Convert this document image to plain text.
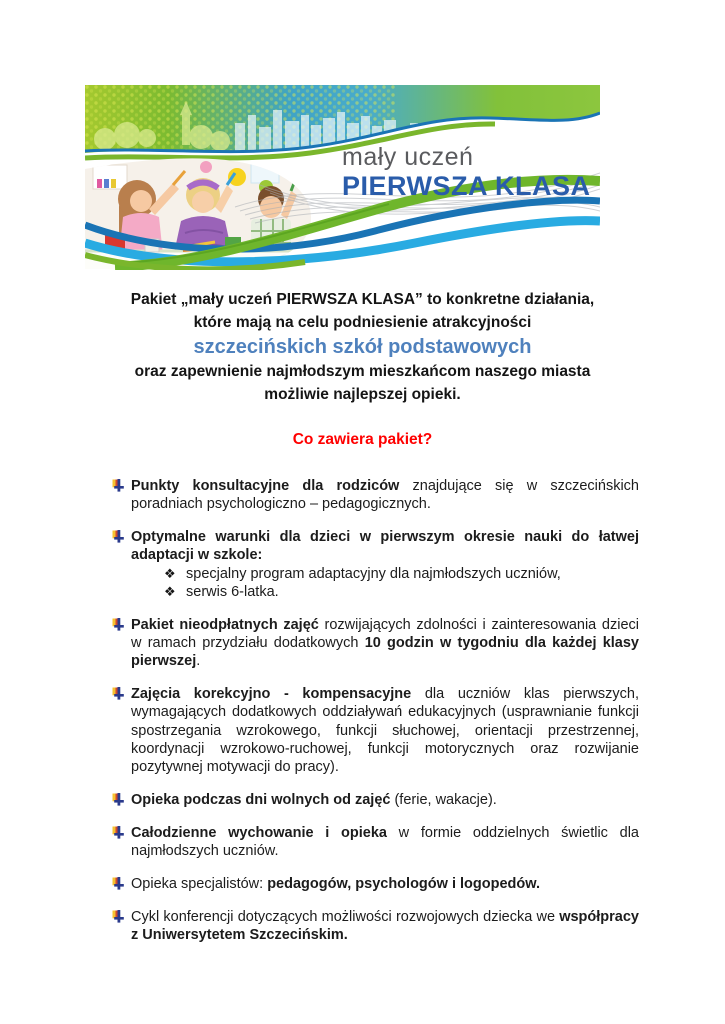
mały uczeń
PIERWSZA KLASA
Pakiet „mały uczeń PIERWSZA KLASA” to konkretne działania,
które mają na celu podniesienie atrakcyjności
szczecińskich szkół podstawowych
oraz zapewnienie najmłodszym mieszkańcom naszego miasta
możliwie najlepszej opieki.
Co zawiera pakiet?
Punkty konsultacyjne dla rodziców znajdujące się w szczecińskich poradniach psychologiczno – pedagogicznych.
Optymalne warunki dla dzieci w pierwszym okresie nauki do łatwej adaptacji w szkole:
❖ specjalny program adaptacyjny dla najmłodszych uczniów,
❖ serwis 6-latka.
Pakiet nieodpłatnych zajęć rozwijających zdolności i zainteresowania dzieci w ramach przydziału dodatkowych 10 godzin w tygodniu dla każdej klasy pierwszej.
Zajęcia korekcyjno - kompensacyjne dla uczniów klas pierwszych, wymagających dodatkowych oddziaływań edukacyjnych (usprawnianie funkcji spostrzegania wzrokowego, funkcji słuchowej, orientacji przestrzennej, koordynacji wzrokowo-ruchowej, funkcji motorycznych oraz rozwijanie pozytywnej motywacji do pracy).
Opieka podczas dni wolnych od zajęć (ferie, wakacje).
Całodzienne wychowanie i opieka w formie oddzielnych świetlic dla najmłodszych uczniów.
Opieka specjalistów: pedagogów, psychologów i logopedów.
Cykl konferencji dotyczących możliwości rozwojowych dziecka we współpracy z Uniwersytetem Szczecińskim.
